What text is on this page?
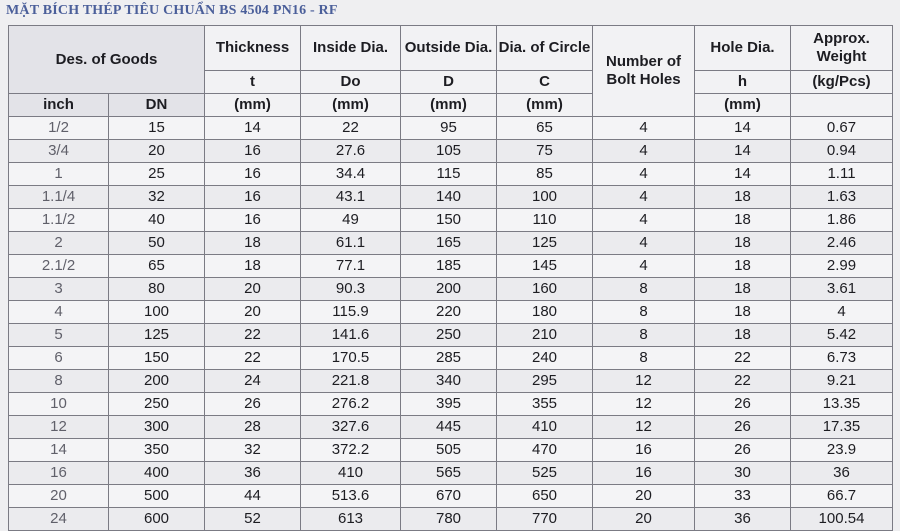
MẶT BÍCH THÉP TIÊU CHUẨN BS 4504 PN16 - RF
Des. of Goods		Thickness	Inside Dia.	Outside Dia.	Dia. of Circle	Number of Bolt Holes	Hole Dia.	Approx. Weight
		t	Do	D	C		h	(kg/Pcs)
inch	DN	(mm)	(mm)	(mm)	(mm)		(mm)	
1/2	15	14	22	95	65	4	14	0.67
3/4	20	16	27.6	105	75	4	14	0.94
1	25	16	34.4	115	85	4	14	1.11
1.1/4	32	16	43.1	140	100	4	18	1.63
1.1/2	40	16	49	150	110	4	18	1.86
2	50	18	61.1	165	125	4	18	2.46
2.1/2	65	18	77.1	185	145	4	18	2.99
3	80	20	90.3	200	160	8	18	3.61
4	100	20	115.9	220	180	8	18	4
5	125	22	141.6	250	210	8	18	5.42
6	150	22	170.5	285	240	8	22	6.73
8	200	24	221.8	340	295	12	22	9.21
10	250	26	276.2	395	355	12	26	13.35
12	300	28	327.6	445	410	12	26	17.35
14	350	32	372.2	505	470	16	26	23.9
16	400	36	410	565	525	16	30	36
20	500	44	513.6	670	650	20	33	66.7
24	600	52	613	780	770	20	36	100.54
